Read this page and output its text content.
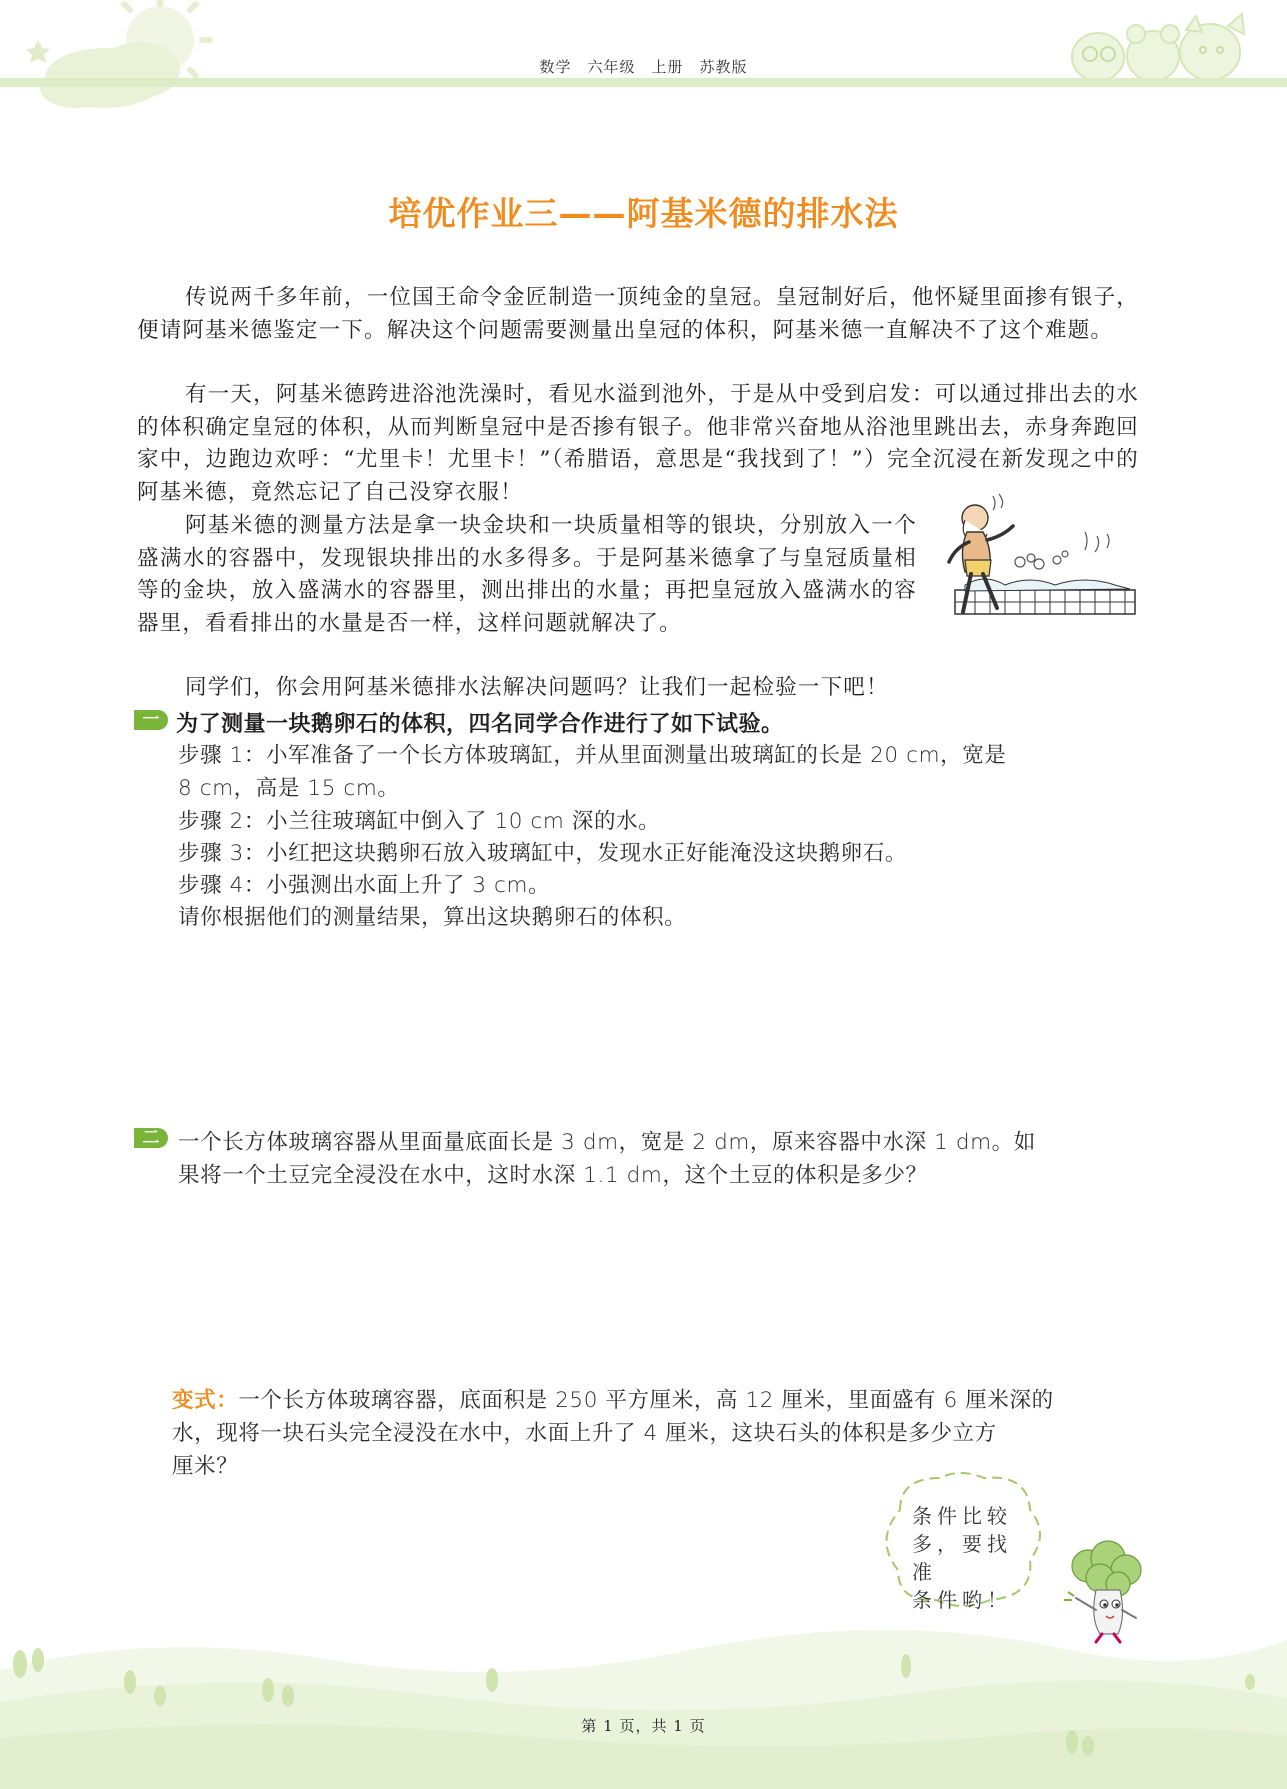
数学　六年级　上册　苏教版
培优作业三——阿基米德的排水法

传说两千多年前，一位国王命令金匠制造一顶纯金的皇冠。皇冠制好后，他怀疑里面掺有银子，便请阿基米德鉴定一下。解决这个问题需要测量出皇冠的体积，阿基米德一直解决不了这个难题。

有一天，阿基米德跨进浴池洗澡时，看见水溢到池外，于是从中受到启发：可以通过排出去的水的体积确定皇冠的体积，从而判断皇冠中是否掺有银子。他非常兴奋地从浴池里跳出去，赤身奔跑回家中，边跑边欢呼：“尤里卡！尤里卡！”（希腊语，意思是“我找到了！”）完全沉浸在新发现之中的阿基米德，竟然忘记了自己没穿衣服！

阿基米德的测量方法是拿一块金块和一块质量相等的银块，分别放入一个盛满水的容器中，发现银块排出的水多得多。于是阿基米德拿了与皇冠质量相等的金块，放入盛满水的容器里，测出排出的水量；再把皇冠放入盛满水的容器里，看看排出的水量是否一样，这样问题就解决了。

同学们，你会用阿基米德排水法解决问题吗？让我们一起检验一下吧！

一 为了测量一块鹅卵石的体积，四名同学合作进行了如下试验。
步骤 1：小军准备了一个长方体玻璃缸，并从里面测量出玻璃缸的长是 20 cm，宽是
8 cm，高是 15 cm。
步骤 2：小兰往玻璃缸中倒入了 10 cm 深的水。
步骤 3：小红把这块鹅卵石放入玻璃缸中，发现水正好能淹没这块鹅卵石。
步骤 4：小强测出水面上升了 3 cm。
请你根据他们的测量结果，算出这块鹅卵石的体积。
二 一个长方体玻璃容器从里面量底面长是 3 dm，宽是 2 dm，原来容器中水深 1 dm。如
果将一个土豆完全浸没在水中，这时水深 1.1 dm，这个土豆的体积是多少？
变式：一个长方体玻璃容器，底面积是 250 平方厘米，高 12 厘米，里面盛有 6 厘米深的
水，现将一块石头完全浸没在水中，水面上升了 4 厘米，这块石头的体积是多少立方
厘米？
条件比较
多，要找准
条件哟！
第 1 页，共 1 页
